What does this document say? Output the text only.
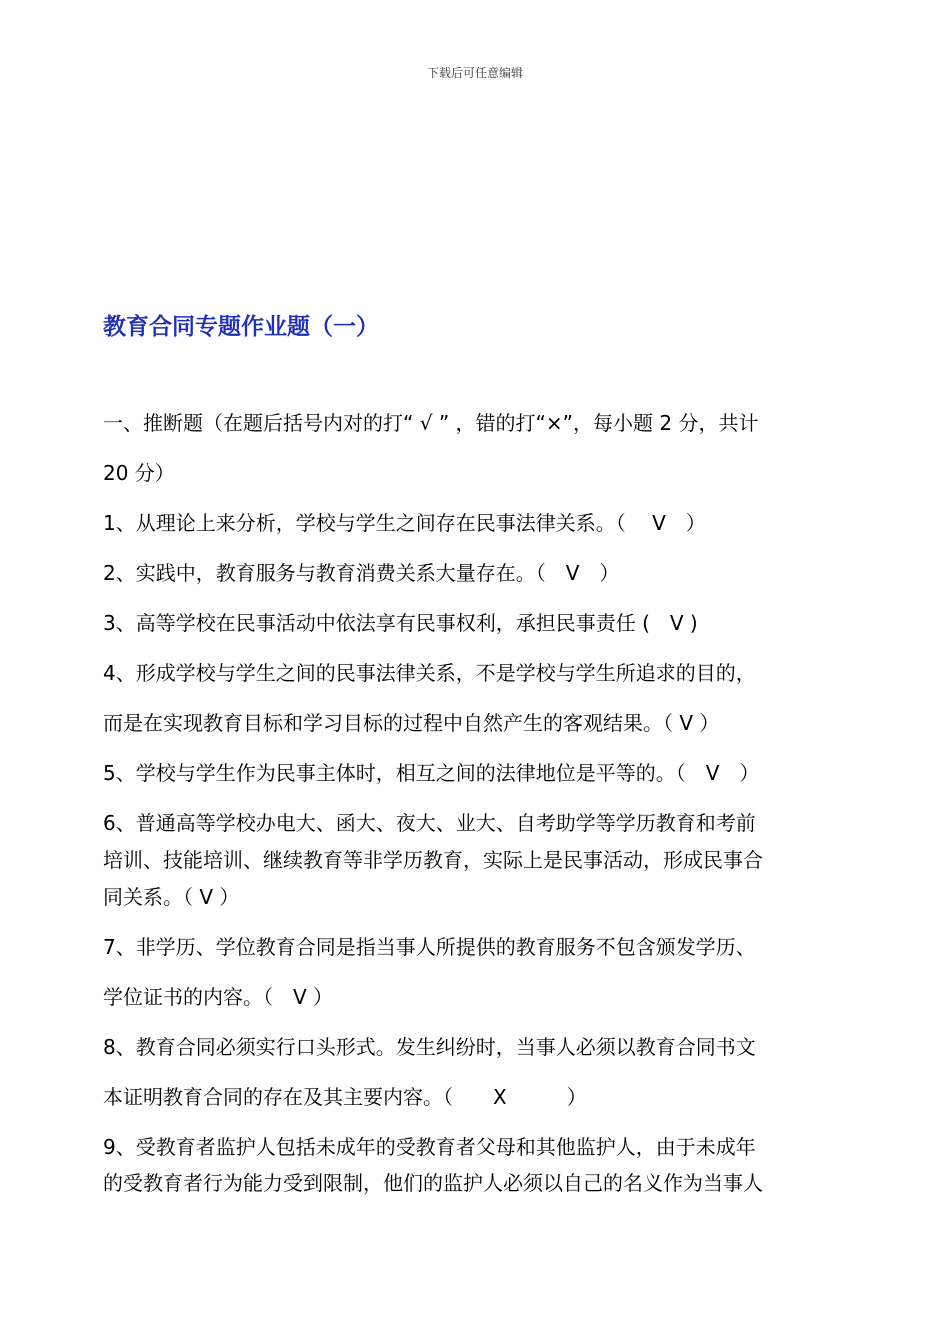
下载后可任意编辑
教育合同专题作业题（一）
一、推断题（在题后括号内对的打“ √ ” ，错的打“×”，每小题 2 分，共计
20 分）
1、从理论上来分析，学校与学生之间存在民事法律关系。（　 V　）
2、实践中，教育服务与教育消费关系大量存在。（　V　）
3、高等学校在民事活动中依法享有民事权利，承担民事责任 (　V )
4、形成学校与学生之间的民事法律关系，不是学校与学生所追求的目的，
而是在实现教育目标和学习目标的过程中自然产生的客观结果。（ V ）
5、学校与学生作为民事主体时，相互之间的法律地位是平等的。（　V　）
6、普通高等学校办电大、函大、夜大、业大、自考助学等学历教育和考前
培训、技能培训、继续教育等非学历教育，实际上是民事活动，形成民事合
同关系。（ V ）
7、非学历、学位教育合同是指当事人所提供的教育服务不包含颁发学历、
学位证书的内容。（　V ）
8、教育合同必须实行口头形式。发生纠纷时，当事人必须以教育合同书文
本证明教育合同的存在及其主要内容。（　　X　　　）
9、受教育者监护人包括未成年的受教育者父母和其他监护人，由于未成年
的受教育者行为能力受到限制，他们的监护人必须以自己的名义作为当事人
